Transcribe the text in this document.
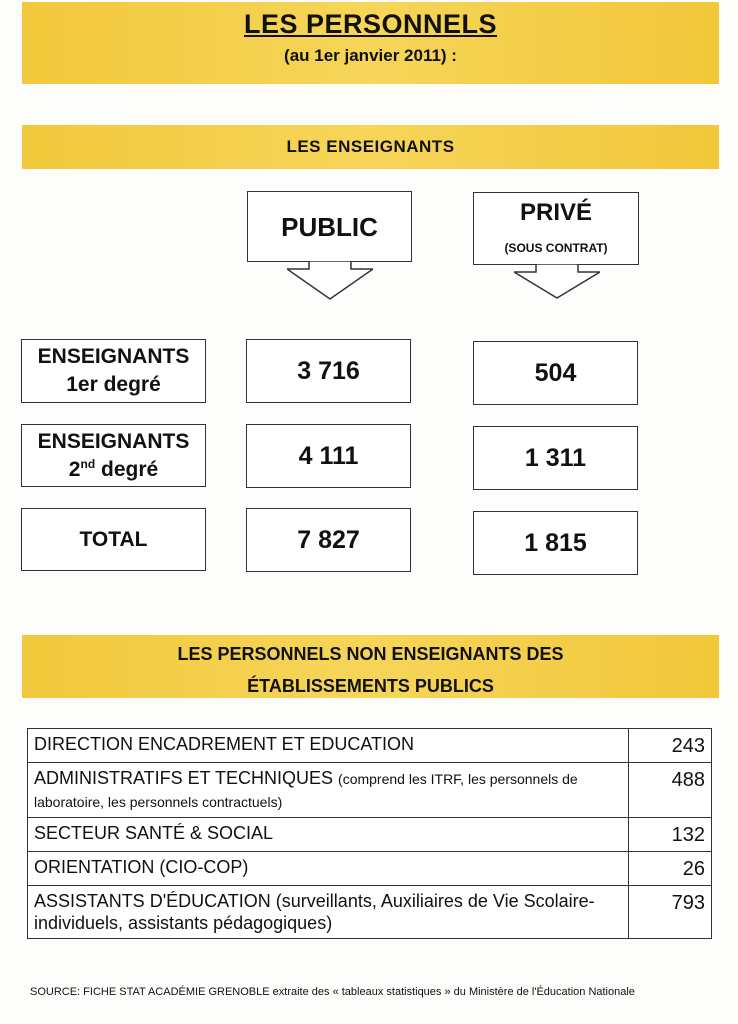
LES PERSONNELS
(au 1er janvier 2011) :
LES ENSEIGNANTS
PUBLIC	PRIVÉ
(SOUS CONTRAT)
ENSEIGNANTS
1er degré	3 716	504
ENSEIGNANTS
2nd degré	4 111	1 311
TOTAL	7 827	1 815
LES PERSONNELS NON ENSEIGNANTS DES
ÉTABLISSEMENTS PUBLICS
DIRECTION ENCADREMENT ET EDUCATION	243
ADMINISTRATIFS ET TECHNIQUES (comprend les ITRF, les personnels de laboratoire, les personnels contractuels)	488
SECTEUR SANTÉ & SOCIAL	132
ORIENTATION (CIO-COP)	26
ASSISTANTS D'ÉDUCATION (surveillants, Auxiliaires de Vie Scolaire-individuels, assistants pédagogiques)	793
SOURCE: FICHE STAT ACADÉMIE GRENOBLE extraite des « tableaux statistiques » du Ministère de l'Éducation Nationale
